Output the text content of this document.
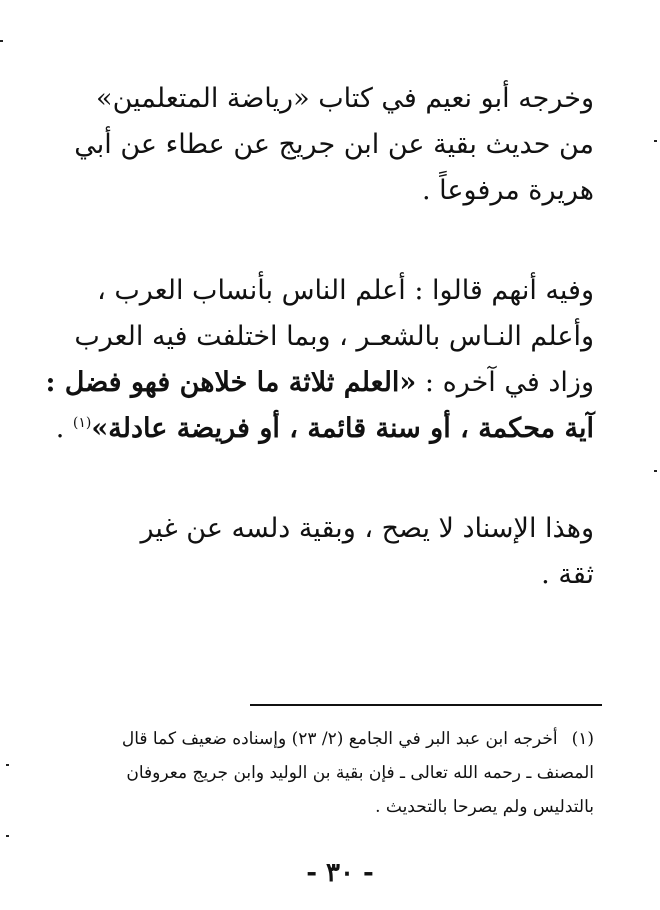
وخرجه أبو نعيم في كتاب «رياضة المتعلمين»
من حديث بقية عن ابن جريج عن عطاء عن أبي
هريرة مرفوعاً .
وفيه أنهم قالوا : أعلم الناس بأنساب العرب ،
وأعلم النـاس بالشعـر ، وبما اختلفت فيه العرب
وزاد في آخره : «العلم ثلاثة ما خلاهن فهو فضل :
آية محكمة ، أو سنة قائمة ، أو فريضة عادلة»$^{(١)}$ .
وهذا الإسناد لا يصح ، وبقية دلسه عن غير
ثقة .
(١)أخرجه ابن عبد البر في الجامع (٢/ ٢٣) وإسناده ضعيف كما قال
المصنف ـ رحمه الله تعالى ـ فإن بقية بن الوليد وابن جريج معروفان
بالتدليس ولم يصرحا بالتحديث .
- ٣٠ -
